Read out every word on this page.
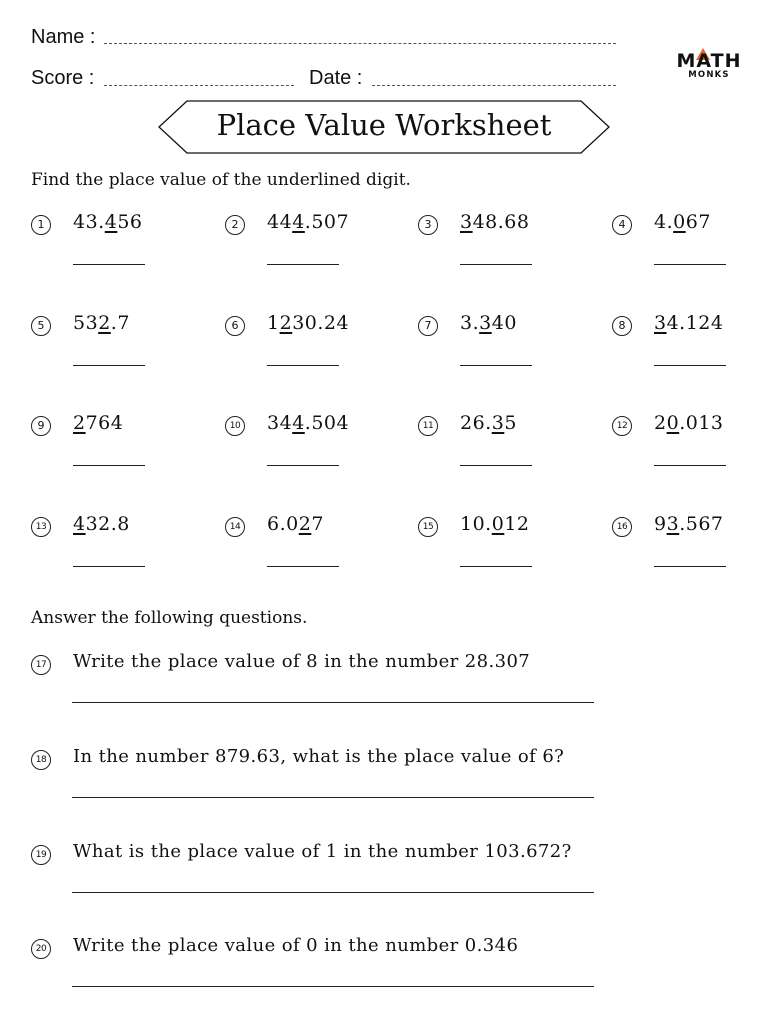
Name :
Score :	Date :
MATH
MONKS
Place Value Worksheet
Find the place value of the underlined digit.
1	43.456	2	444.507	3	348.68	4	4.067
5	532.7	6	1230.24	7	3.340	8	34.124
9	2764	10 344.504	11 26.35	12 20.013
13 432.8	14 6.027	15 10.012	16 93.567
Answer the following questions.
17 Write the place value of 8 in the number 28.307
18 In the number 879.63, what is the place value of 6?
19 What is the place value of 1 in the number 103.672?
20 Write the place value of 0 in the number 0.346
